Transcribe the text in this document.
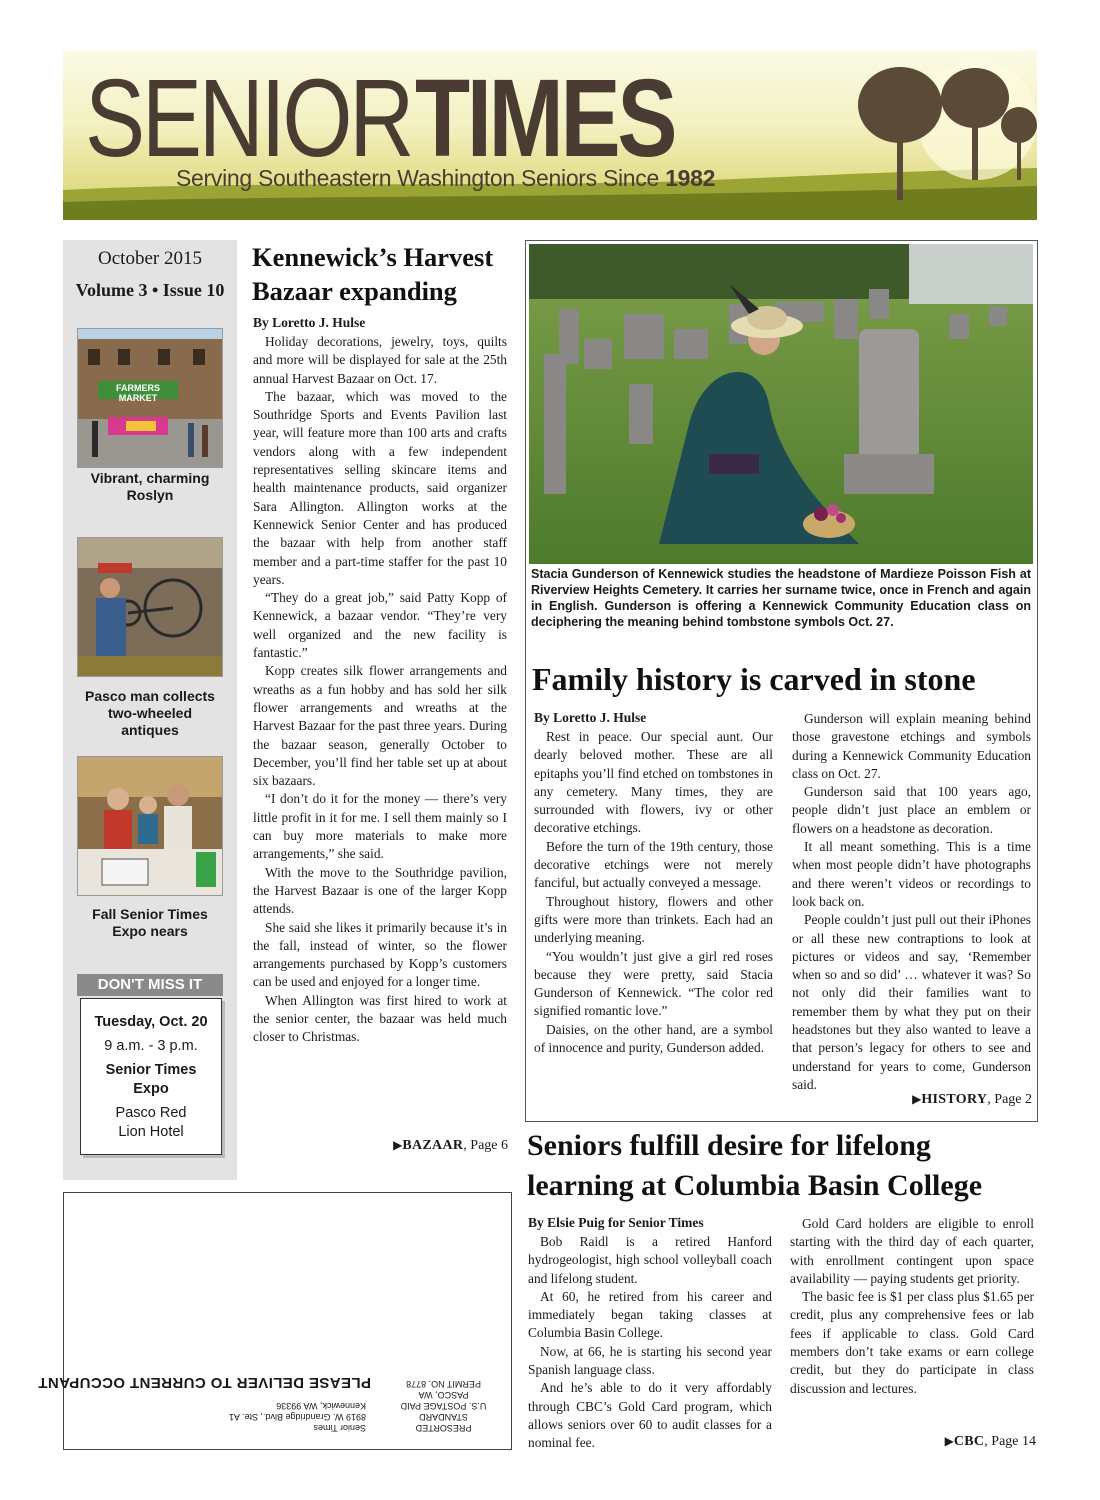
SENIORTIMES
Serving Southeastern Washington Seniors Since 1982
October 2015
Volume 3 • Issue 10
FARMERS MARKET
Vibrant, charming
Roslyn
Pasco man collects
two-wheeled
antiques
Fall Senior Times
Expo nears
DON'T MISS IT
Tuesday, Oct. 20
9 a.m. - 3 p.m.
Senior Times
Expo
Pasco Red
Lion Hotel
Kennewick’s Harvest
Bazaar expanding
By Loretto J. Hulse

Holiday decorations, jewelry, toys, quilts and more will be displayed for sale at the 25th annual Harvest Bazaar on Oct. 17.

The bazaar, which was moved to the Southridge Sports and Events Pavilion last year, will feature more than 100 arts and crafts vendors along with a few independent representatives selling skincare items and health maintenance products, said organizer Sara Allington. Allington works at the Kennewick Senior Center and has produced the bazaar with help from another staff member and a part-time staffer for the past 10 years.

“They do a great job,” said Patty Kopp of Kennewick, a bazaar vendor. “They’re very well organized and the new facility is fantastic.”

Kopp creates silk flower arrangements and wreaths as a fun hobby and has sold her silk flower arrangements and wreaths at the Harvest Bazaar for the past three years. During the bazaar season, generally October to December, you’ll find her table set up at about six bazaars.

“I don’t do it for the money — there’s very little profit in it for me. I sell them mainly so I can buy more materials to make more arrangements,” she said.

With the move to the Southridge pavilion, the Harvest Bazaar is one of the larger Kopp attends.

She said she likes it primarily because it’s in the fall, instead of winter, so the flower arrangements purchased by Kopp’s customers can be used and enjoyed for a longer time.

When Allington was first hired to work at the senior center, the bazaar was held much closer to Christmas.

▶BAZAAR, Page 6
Stacia Gunderson of Kennewick studies the headstone of Mardieze Poisson Fish at Riverview Heights Cemetery. It carries her surname twice, once in French and again in English. Gunderson is offering a Kennewick Community Education class on deciphering the meaning behind tombstone symbols Oct. 27.
Family history is carved in stone
By Loretto J. Hulse

Rest in peace. Our special aunt. Our dearly beloved mother. These are all epitaphs you’ll find etched on tombstones in any cemetery. Many times, they are surrounded with flowers, ivy or other decorative etchings.

Before the turn of the 19th century, those decorative etchings were not merely fanciful, but actually conveyed a message.

Throughout history, flowers and other gifts were more than trinkets. Each had an underlying meaning.

“You wouldn’t just give a girl red roses because they were pretty, said Stacia Gunderson of Kennewick. “The color red signified romantic love.”

Daisies, on the other hand, are a symbol of innocence and purity, Gunderson added.

Gunderson will explain meaning behind those gravestone etchings and symbols during a Kennewick Community Education class on Oct. 27.

Gunderson said that 100 years ago, people didn’t just place an emblem or flowers on a headstone as decoration.

It all meant something. This is a time when most people didn’t have photographs and there weren’t videos or recordings to look back on.

People couldn’t just pull out their iPhones or all these new contraptions to look at pictures or videos and say, ‘Remember when so and so did’ … whatever it was? So not only did their families want to remember them by what they put on their headstones but they also wanted to leave a that person’s legacy for others to see and understand for years to come, Gunderson said.

▶HISTORY, Page 2
Seniors fulfill desire for lifelong
learning at Columbia Basin College
By Elsie Puig for Senior Times

Bob Raidl is a retired Hanford hydrogeologist, high school volleyball coach and lifelong student.

At 60, he retired from his career and immediately began taking classes at Columbia Basin College.

Now, at 66, he is starting his second year Spanish language class.

And he’s able to do it very affordably through CBC’s Gold Card program, which allows seniors over 60 to audit classes for a nominal fee.

Gold Card holders are eligible to enroll starting with the third day of each quarter, with enrollment contingent upon space availability — paying students get priority.

The basic fee is $1 per class plus $1.65 per credit, plus any comprehensive fees or lab fees if applicable to class. Gold Card members don’t take exams or earn college credit, but they do participate in class discussion and lectures.

▶CBC, Page 14
PRESORTED
STANDARD
U.S. POSTAGE PAID
PASCO, WA
PERMIT NO. 8778
Senior Times
8919 W. Grandridge Blvd., Ste. A1
Kennewick, WA 99336
PLEASE DELIVER TO CURRENT OCCUPANT
